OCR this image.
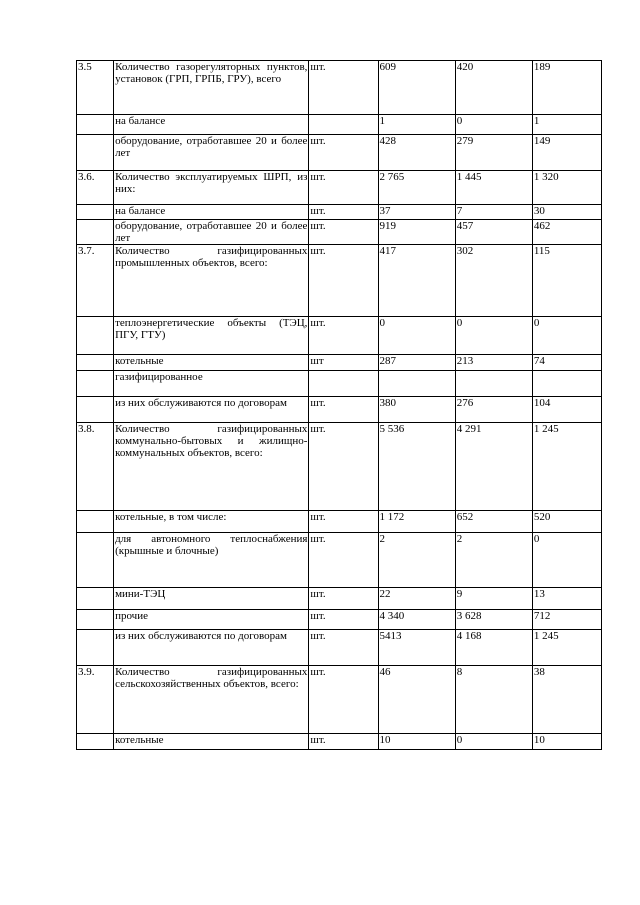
3.5	Количество газорегуляторных пунктов, установок (ГРП, ГРПБ, ГРУ), всего	шт.	609	420	189

	на балансе		1	0	1

	оборудование, отработавшее 20 и более лет	шт.	428	279	149

3.6.	Количество эксплуатируемых ШРП, из них:	шт.	2 765	1 445	1 320

	на балансе	шт.	37	7	30

	оборудование, отработавшее 20 и более лет	шт.	919	457	462

3.7.	Количество газифицированных промышленных объектов, всего:	шт.	417	302	115

	теплоэнергетические объекты (ТЭЦ, ПГУ, ГТУ)	шт.	0	0	0

	котельные	шт	287	213	74

	газифицированное				

	из них обслуживаются по договорам	шт.	380	276	104

3.8.	Количество газифицированных коммунально-бытовых и жилищно-коммунальных объектов, всего:	шт.	5 536	4 291	1 245

	котельные, в том числе:	шт.	1 172	652	520

	для автономного теплоснабжения (крышные и блочные)	шт.	2	2	0

	мини-ТЭЦ	шт.	22	9	13

	прочие	шт.	4 340	3 628	712

	из них обслуживаются по договорам	шт.	5413	4 168	1 245

3.9.	Количество газифицированных сельскохозяйственных объектов, всего:	шт.	46	8	38

	котельные	шт.	10	0	10
